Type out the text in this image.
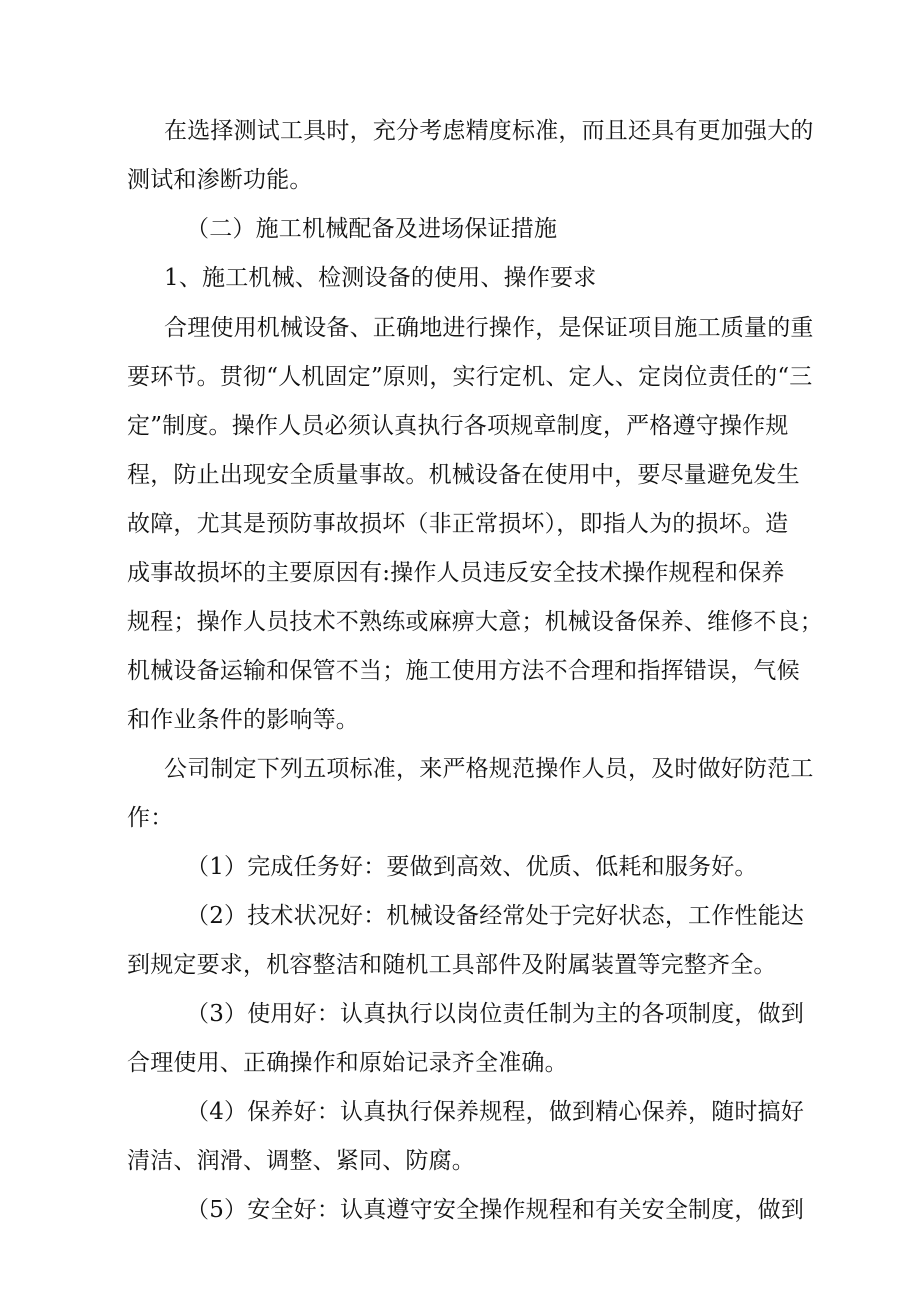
在选择测试工具时，充分考虑精度标准，而且还具有更加强大的
测试和渗断功能。
（二）施工机械配备及进场保证措施
1、施工机械、检测设备的使用、操作要求
合理使用机械设备、正确地进行操作，是保证项目施工质量的重
要环节。贯彻“人机固定”原则，实行定机、定人、定岗位责任的“三
定”制度。操作人员必须认真执行各项规章制度，严格遵守操作规
程，防止出现安全质量事故。机械设备在使用中，要尽量避免发生
故障，尤其是预防事故损坏（非正常损坏），即指人为的损坏。造
成事故损坏的主要原因有:操作人员违反安全技术操作规程和保养
规程；操作人员技术不熟练或麻痹大意；机械设备保养、维修不良；
机械设备运输和保管不当；施工使用方法不合理和指挥错误，气候
和作业条件的影响等。
公司制定下列五项标准，来严格规范操作人员，及时做好防范工
作：
（1）完成任务好：要做到高效、优质、低耗和服务好。
（2）技术状况好：机械设备经常处于完好状态，工作性能达
到规定要求，机容整洁和随机工具部件及附属装置等完整齐全。
（3）使用好：认真执行以岗位责任制为主的各项制度，做到
合理使用、正确操作和原始记录齐全准确。
（4）保养好：认真执行保养规程，做到精心保养，随时搞好
清洁、润滑、调整、紧同、防腐。
（5）安全好：认真遵守安全操作规程和有关安全制度，做到
